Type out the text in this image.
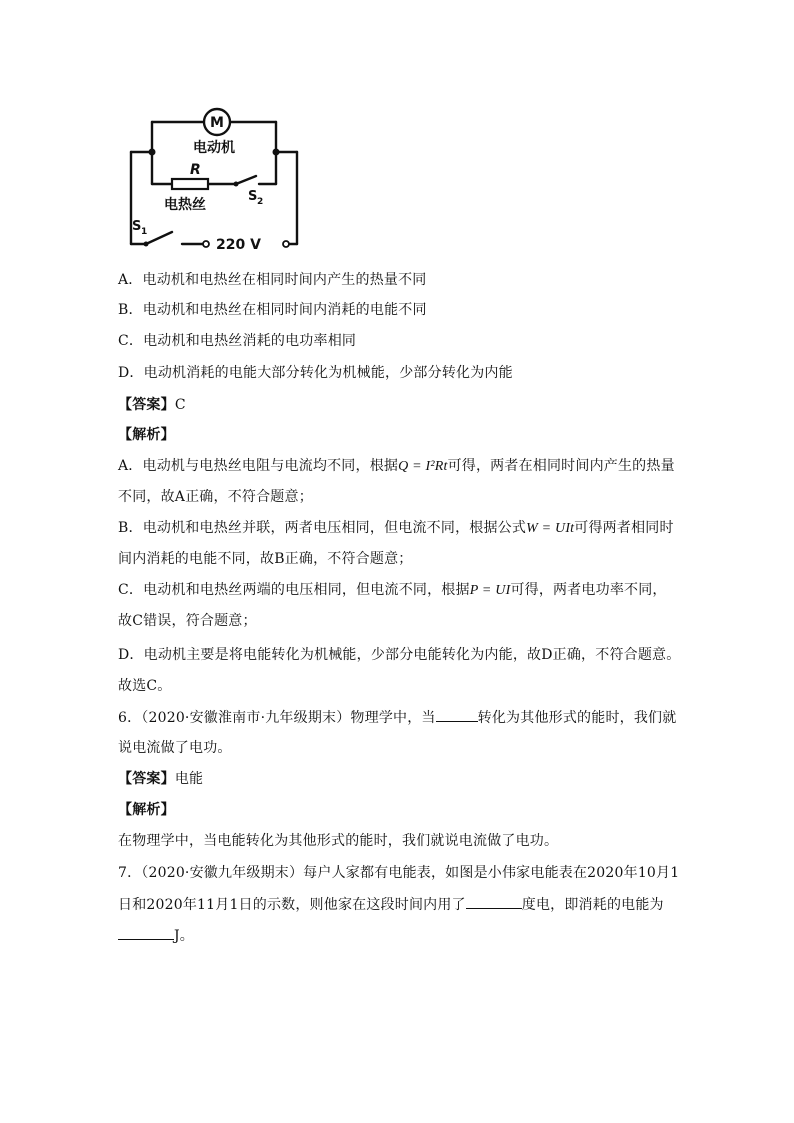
M
电动机
R
电热丝
S 2
S 1
220 V
A．电动机和电热丝在相同时间内产生的热量不同
B．电动机和电热丝在相同时间内消耗的电能不同
C．电动机和电热丝消耗的电功率相同
D．电动机消耗的电能大部分转化为机械能，少部分转化为内能
【答案】C
【解析】
A．电动机与电热丝电阻与电流均不同，根据Q = I²Rt可得，两者在相同时间内产生的热量
不同，故A正确，不符合题意；
B．电动机和电热丝并联，两者电压相同，但电流不同，根据公式W = UIt可得两者相同时
间内消耗的电能不同，故B正确，不符合题意；
C．电动机和电热丝两端的电压相同，但电流不同，根据P = UI可得，两者电功率不同，
故C错误，符合题意；
D．电动机主要是将电能转化为机械能，少部分电能转化为内能，故D正确，不符合题意。
故选C。
6．（2020·安徽淮南市·九年级期末）物理学中，当	转化为其他形式的能时，我们就
说电流做了电功。
【答案】电能
【解析】
在物理学中，当电能转化为其他形式的能时，我们就说电流做了电功。
7．（2020·安徽九年级期末）每户人家都有电能表，如图是小伟家电能表在2020年10月1
日和2020年11月1日的示数，则他家在这段时间内用了	度电，即消耗的电能为
J。
